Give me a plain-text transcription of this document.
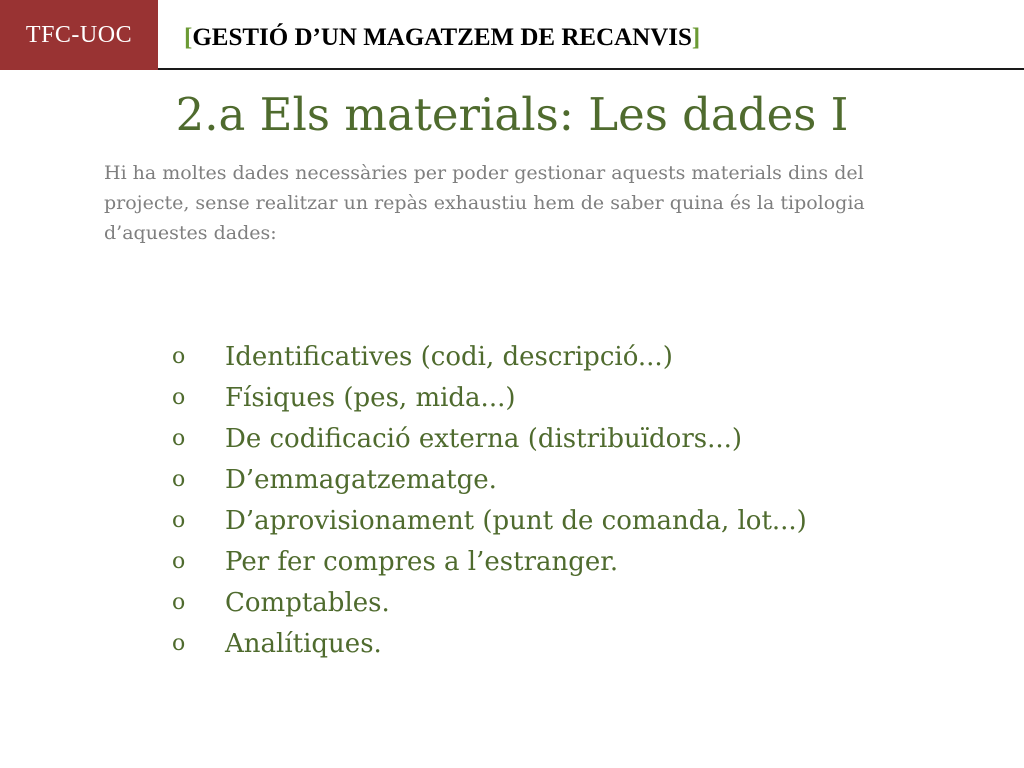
TFC-UOC	[GESTIÓ D’UN MAGATZEM DE RECANVIS]
2.a Els materials: Les dades I
Hi ha moltes dades necessàries per poder gestionar aquests materials dins del projecte, sense realitzar un repàs exhaustiu hem de saber quina és la tipologia d’aquestes dades:
o	Identificatives (codi, descripció...)
o	Físiques (pes, mida...)
o	De codificació externa (distribuïdors...)
o	D’emmagatzematge.
o	D’aprovisionament (punt de comanda, lot...)
o	Per fer compres a l’estranger.
o	Comptables.
o	Analítiques.
